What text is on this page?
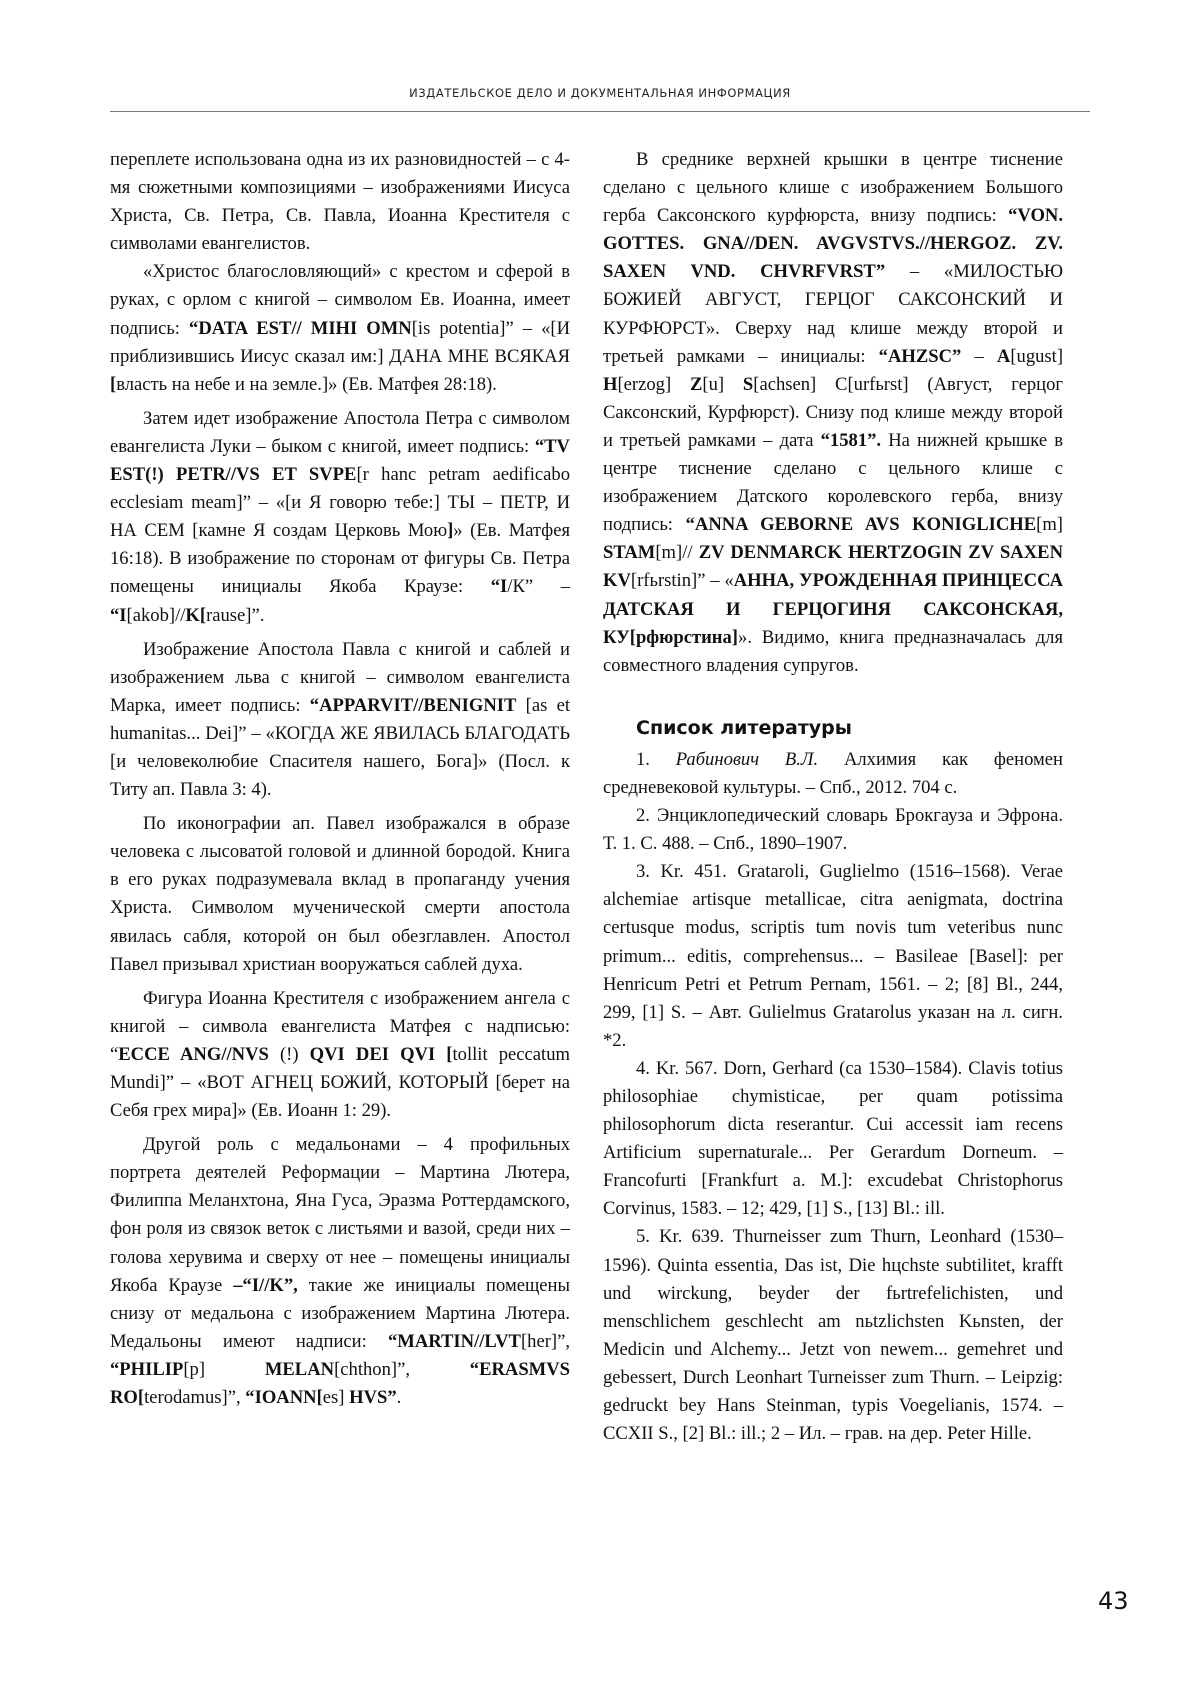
ИЗДАТЕЛЬСКОЕ ДЕЛО И ДОКУМЕНТАЛЬНАЯ ИНФОРМАЦИЯ

переплете использована одна из их разновидностей – с 4-мя сюжетными композициями – изображениями Иисуса Христа, Св. Петра, Св. Павла, Иоанна Крестителя с символами евангелистов.

«Христос благословляющий» с крестом и сферой в руках, с орлом с книгой – символом Ев. Иоанна, имеет подпись: “DATA EST// MIHI OMN[is potentia]” – «[И приблизившись Иисус сказал им:] ДАНА МНЕ ВСЯКАЯ [власть на небе и на земле.]» (Ев. Матфея 28:18).

Затем идет изображение Апостола Петра с символом евангелиста Луки – быком с книгой, имеет подпись: “TV EST(!) PETR//VS ET SVPE[r hanc petram aedificabo ecclesiam meam]” – «[и Я говорю тебе:] ТЫ – ПЕТР, И НА СЕМ [камне Я создам Церковь Мою]» (Ев. Матфея 16:18). В изображение по сторонам от фигуры Св. Петра помещены инициалы Якоба Краузе: “I/К” – “I[akob]//K[rause]”.

Изображение Апостола Павла с книгой и саблей и изображением льва с книгой – символом евангелиста Марка, имеет подпись: “APPARVIT//BENIGNIT [as et humanitas... Dei]” – «КОГДА ЖЕ ЯВИЛАСЬ БЛАГОДАТЬ [и человеколюбие Спасителя нашего, Бога]» (Посл. к Титу ап. Павла 3: 4).

По иконографии ап. Павел изображался в образе человека с лысоватой головой и длинной бородой. Книга в его руках подразумевала вклад в пропаганду учения Христа. Символом мученической смерти апостола явилась сабля, которой он был обезглавлен. Апостол Павел призывал христиан вооружаться саблей духа.

Фигура Иоанна Крестителя с изображением ангела с книгой – символа евангелиста Матфея с надписью: “ECCE ANG//NVS (!) QVI DEI QVI [tollit peccatum Mundi]” – «ВОТ АГНЕЦ БОЖИЙ, КОТОРЫЙ [берет на Себя грех мира]» (Ев. Иоанн 1: 29).

Другой роль с медальонами – 4 профильных портрета деятелей Реформации – Мартина Лютера, Филиппа Меланхтона, Яна Гуса, Эразма Роттердамского, фон роля из связок веток с листьями и вазой, среди них – голова херувима и сверху от нее – помещены инициалы Якоба Краузе –“I//K”, такие же инициалы помещены снизу от медальона с изображением Мартина Лютера. Медальоны имеют надписи: “MARTIN//LVT[her]”, “PHILIP[p] MELAN[chthon]”, “ERASMVS RO[terodamus]”, “IOANN[es] HVS”.

В среднике верхней крышки в центре тиснение сделано с цельного клише с изображением Большого герба Саксонского курфюрста, внизу подпись: “VON. GOTTES. GNA//DEN. AVGVSTVS.//HERGOZ. ZV. SAXEN VND. CHVRFVRST” – «МИЛОСТЬЮ БОЖИЕЙ АВГУСТ, ГЕРЦОГ САКСОНСКИЙ И КУРФЮРСТ». Сверху над клише между второй и третьей рамками – инициалы: “AHZSC” – A[ugust] H[erzog] Z[u] S[achsen] C[urfьrst] (Август, герцог Саксонский, Курфюрст). Снизу под клише между второй и третьей рамками – дата “1581”. На нижней крышке в центре тиснение сделано с цельного клише с изображением Датского королевского герба, внизу подпись: “ANNA GEBORNE AVS KONIGLICHE[m] STAM[m]// ZV DENMARCK HERTZOGIN ZV SAXEN KV[rfьrstin]” – «АННА, УРОЖДЕННАЯ ПРИНЦЕССА ДАТСКАЯ И ГЕРЦОГИНЯ САКСОНСКАЯ, КУ[рфюрстина]». Видимо, книга предназначалась для совместного владения супругов.

Список литературы

1. Рабинович В.Л. Алхимия как феномен средневековой культуры. – Спб., 2012. 704 с.

2. Энциклопедический словарь Брокгауза и Эфрона. Т. 1. С. 488. – Спб., 1890–1907.

3. Kr. 451. Grataroli, Guglielmo (1516–1568). Verae alchemiae artisque metallicae, citra aenigmata, doctrina certusque modus, scriptis tum novis tum veteribus nunc primum... editis, comprehensus... – Basileae [Basel]: per Henricum Petri et Petrum Pernam, 1561. – 2; [8] Bl., 244, 299, [1] S. – Авт. Gulielmus Gratarolus указан на л. сигн. *2.

4. Kr. 567. Dorn, Gerhard (ca 1530–1584). Clavis totius philosophiae chymisticae, per quam potissima philosophorum dicta reserantur. Cui accessit iam recens Artificium supernaturale... Per Gerardum Dorneum. – Francofurti [Frankfurt a. M.]: excudebat Christophorus Corvinus, 1583. – 12; 429, [1] S., [13] Bl.: ill.

5. Kr. 639. Thurneisser zum Thurn, Leonhard (1530–1596). Quinta essentia, Das ist, Die hцchste subtilitet, krafft und wirckung, beyder der fьrtrefelichisten, und menschlichem geschlecht am nьtzlichsten Kьnsten, der Medicin und Alchemy... Jetzt von newem... gemehret und gebessert, Durch Leonhart Turneisser zum Thurn. – Leipzig: gedruckt bey Hans Steinman, typis Voegelianis, 1574. – CCXII S., [2] Bl.: ill.; 2 – Ил. – грав. на дер. Peter Hille.

43
